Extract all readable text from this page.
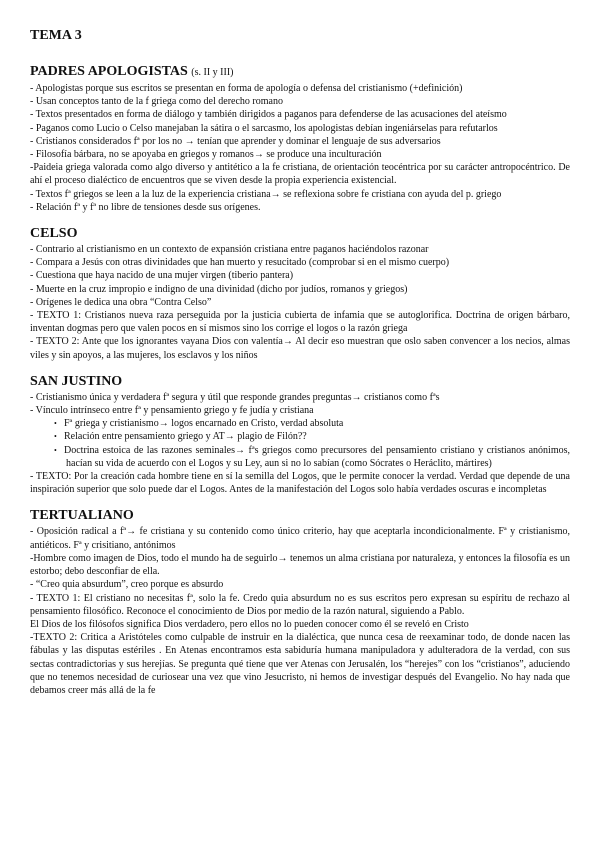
TEMA 3
PADRES APOLOGISTAS (s. II y III)

- Apologistas porque sus escritos se presentan en forma de apología o defensa del cristianismo (+definición)

- Usan conceptos tanto de la f griega como del derecho romano

- Textos presentados en forma de diálogo y también dirigidos a paganos para defenderse de las acusaciones del ateísmo

- Paganos como Lucio o Celso manejaban la sátira o el sarcasmo, los apologistas debían ingeniárselas para refutarlos

- Cristianos considerados fª por los no → tenían que aprender y dominar el lenguaje de sus adversarios

- Filosofía bárbara, no se apoyaba en griegos y romanos→ se produce una inculturación

-Paideia griega valorada como algo diverso y antitético a la fe cristiana, de orientación teocéntrica por su carácter antropocéntrico. De ahí el proceso dialéctico de encuentros que se viven desde la propia experiencia existencial.

- Textos fª griegos se leen a la luz de la experiencia cristiana→ se reflexiona sobre fe cristiana con ayuda del p. griego

- Relación fª y fª no libre de tensiones desde sus orígenes.

CELSO

- Contrario al cristianismo en un contexto de expansión cristiana entre paganos haciéndolos razonar

- Compara a Jesús con otras divinidades que han muerto y resucitado (comprobar si en el mismo cuerpo)

- Cuestiona que haya nacido de una mujer virgen (tiberio pantera)

- Muerte en la cruz impropio e indigno de una divinidad (dicho por judíos, romanos y griegos)

- Orígenes le dedica una obra “Contra Celso”

- TEXTO 1: Cristianos nueva raza perseguida por la justicia cubierta de infamia que se autoglorifica. Doctrina de origen bárbaro, inventan dogmas pero que valen pocos en sí mismos sino los corrige el logos o la razón griega

- TEXTO 2: Ante que los ignorantes vayana Dios con valentía→ Al decir eso muestran que oslo saben convencer a los necios, almas viles y sin apoyos, a las mujeres, los esclavos y los niños

SAN JUSTINO

- Cristianismo única y verdadera fª segura y útil que responde grandes preguntas→ cristianos como fªs

- Vínculo intrínseco entre fª y pensamiento griego y fe judía y cristiana

• Fª griega y cristianismo→ logos encarnado en Cristo, verdad absoluta

• Relación entre pensamiento griego y AT→ plagio de Filón??

• Doctrina estoica de las razones seminales→ fªs griegos como precursores del pensamiento cristiano y cristianos anónimos, hacían su vida de acuerdo con el Logos y su Ley, aun si no lo sabían (como Sócrates o Heráclito, mártires)

- TEXTO: Por la creación cada hombre tiene en sí la semilla del Logos, que le permite conocer la verdad. Verdad que depende de una inspiración superior que solo puede dar el Logos. Antes de la manifestación del Logos solo había verdades oscuras e incompletas

TERTUALIANO

- Oposición radical a fª→ fe cristiana y su contenido como único criterio, hay que aceptarla incondicionalmente. Fª y cristianismo, antiéticos. Fª y crisitiano, antónimos

-Hombre como imagen de Dios, todo el mundo ha de seguirlo→ tenemos un alma cristiana por naturaleza, y entonces la filosofía es un estorbo; debo desconfiar de ella.

- “Creo quia absurdum”, creo porque es absurdo

- TEXTO 1: El cristiano no necesitas fª, solo la fe. Credo quia absurdum no es sus escritos pero expresan su espíritu de rechazo al pensamiento filosófico. Reconoce el conocimiento de Dios por medio de la razón natural, siguiendo a Pablo.

El Dios de los filósofos significa Dios verdadero, pero ellos no lo pueden conocer como él se reveló en Cristo

-TEXTO 2: Critica a Aristóteles como culpable de instruir en la dialéctica, que nunca cesa de reexaminar todo, de donde nacen las fábulas y las disputas estériles . En Atenas encontramos esta sabiduría humana manipuladora y adulteradora de la verdad, con sus sectas contradictorias y sus herejías. Se pregunta qué tiene que ver Atenas con Jerusalén, los “herejes” con los “cristianos”, aduciendo que no tenemos necesidad de curiosear una vez que vino Jesucristo, ni hemos de investigar después del Evangelio. No hay nada que debamos creer más allá de la fe
